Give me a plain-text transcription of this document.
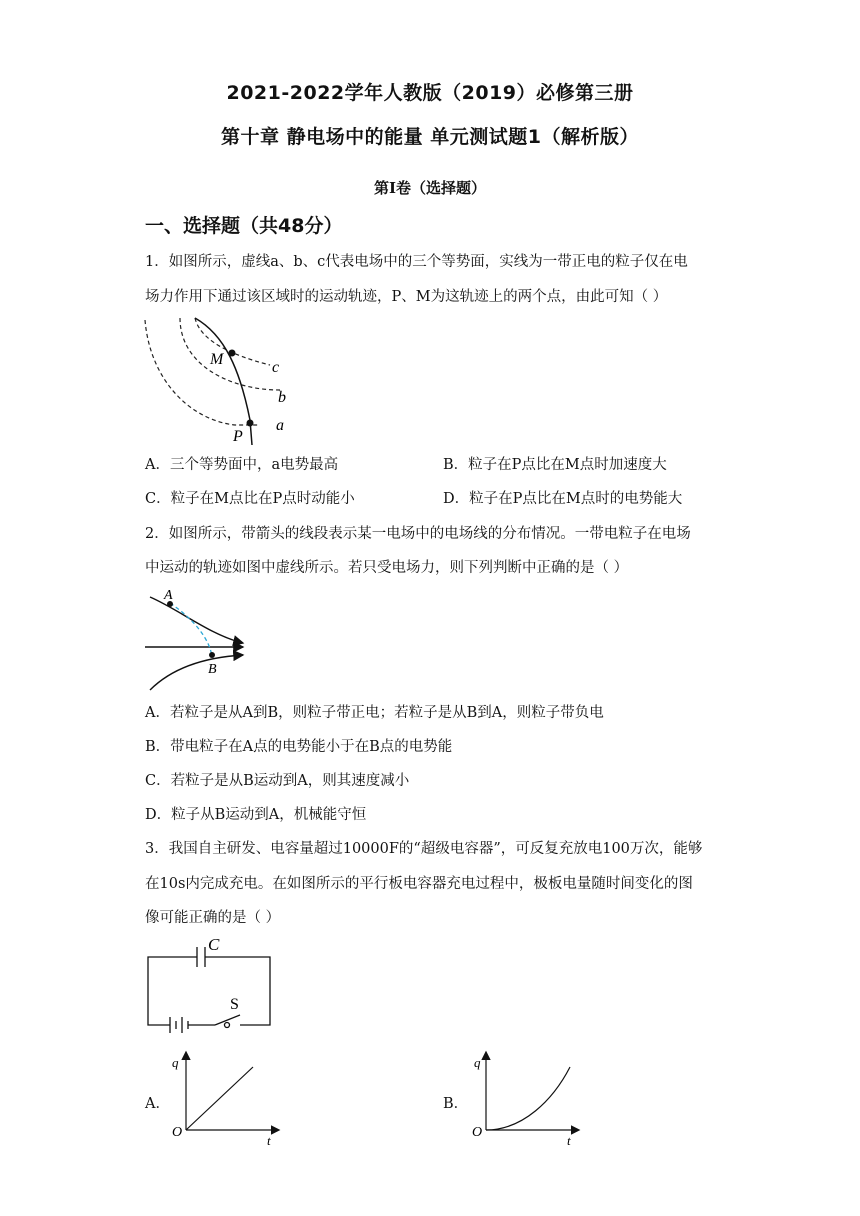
2021-2022学年人教版（2019）必修第三册
第十章 静电场中的能量 单元测试题1（解析版）
第Ⅰ卷（选择题）
一、选择题（共48分）
1．如图所示，虚线a、b、c代表电场中的三个等势面，实线为一带正电的粒子仅在电
场力作用下通过该区域时的运动轨迹，P、M为这轨迹上的两个点，由此可知（ ）
M
P
a
b
c
A．三个等势面中，a电势最高	B．粒子在P点比在M点时加速度大
C．粒子在M点比在P点时动能小	D．粒子在P点比在M点时的电势能大
2．如图所示，带箭头的线段表示某一电场中的电场线的分布情况。一带电粒子在电场
中运动的轨迹如图中虚线所示。若只受电场力，则下列判断中正确的是（ ）
A
B
A．若粒子是从A到B，则粒子带正电；若粒子是从B到A，则粒子带负电
B．带电粒子在A点的电势能小于在B点的电势能
C．若粒子是从B运动到A，则其速度减小
D．粒子从B运动到A，机械能守恒
3．我国自主研发、电容量超过10000F的“超级电容器”，可反复充放电100万次，能够
在10s内完成充电。在如图所示的平行板电容器充电过程中，极板电量随时间变化的图
像可能正确的是（ ）
C
S
A．
q
t
O
B．
q
t
O
